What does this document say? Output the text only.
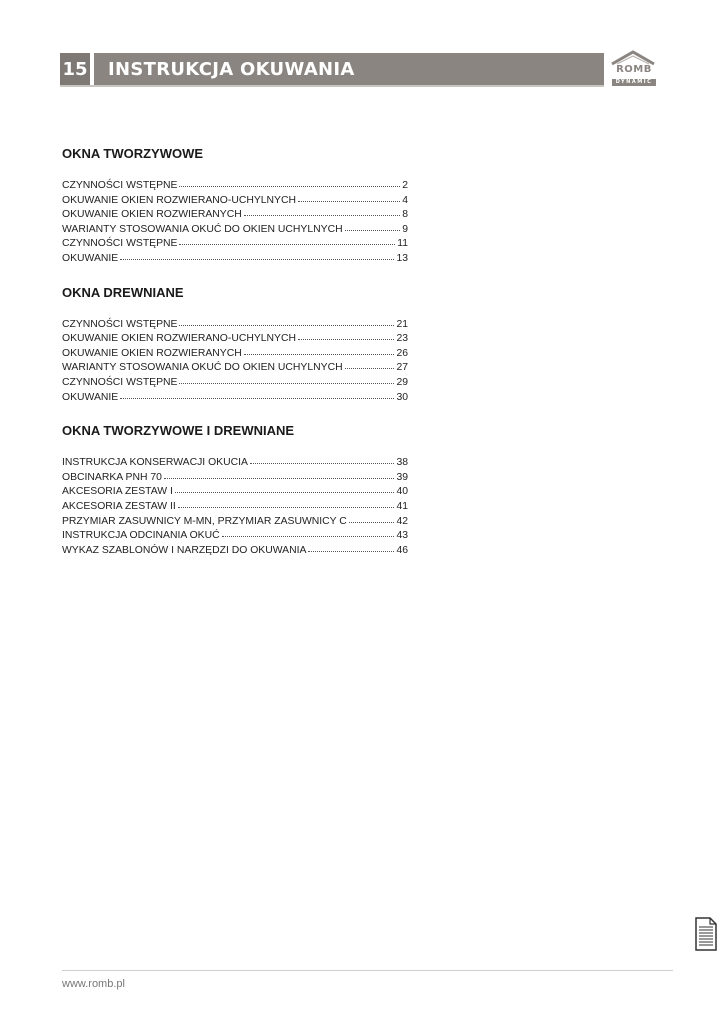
15 INSTRUKCJA OKUWANIA	ROMB
DYNAMIC
OKNA TWORZYWOWE
CZYNNOŚCI WSTĘPNE	2
OKUWANIE OKIEN ROZWIERANO-UCHYLNYCH	4
OKUWANIE OKIEN ROZWIERANYCH	8
WARIANTY STOSOWANIA OKUĆ DO OKIEN UCHYLNYCH	9
CZYNNOŚCI WSTĘPNE	11
OKUWANIE	13
OKNA DREWNIANE
CZYNNOŚCI WSTĘPNE	21
OKUWANIE OKIEN ROZWIERANO-UCHYLNYCH	23
OKUWANIE OKIEN ROZWIERANYCH	26
WARIANTY STOSOWANIA OKUĆ DO OKIEN UCHYLNYCH	27
CZYNNOŚCI WSTĘPNE	29
OKUWANIE	30
OKNA TWORZYWOWE I DREWNIANE
INSTRUKCJA KONSERWACJI OKUCIA	38
OBCINARKA PNH 70	39
AKCESORIA ZESTAW I	40
AKCESORIA ZESTAW II	41
PRZYMIAR ZASUWNICY M-MN, PRZYMIAR ZASUWNICY C	42
INSTRUKCJA ODCINANIA OKUĆ	43
WYKAZ SZABLONÓW I NARZĘDZI DO OKUWANIA	46
www.romb.pl
